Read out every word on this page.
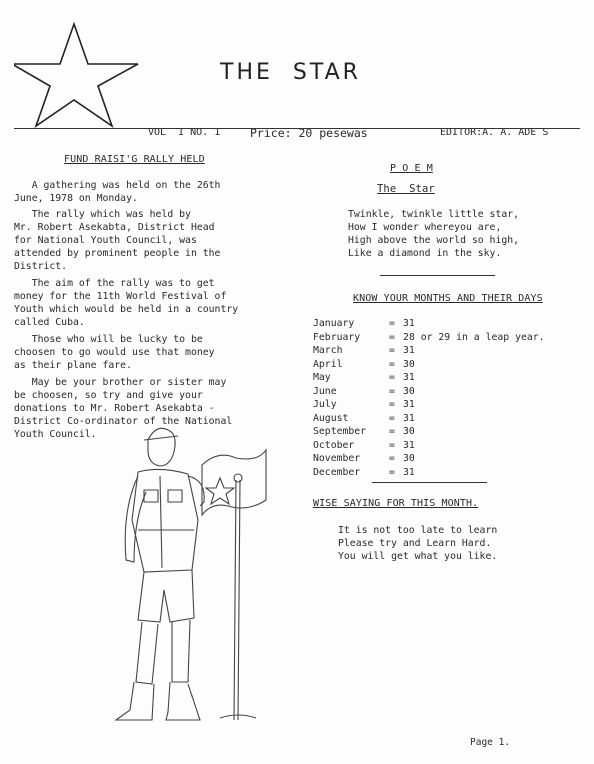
THE  STAR
VOL  I NO. 1	Price: 20 pesewas	EDITOR:A. A. ADE S
FUND RAISI'G RALLY HELD
A gathering was held on the 26th
June, 1978 on Monday.
The rally which was held by
Mr. Robert Asekabta, District Head
for National Youth Council, was
attended by prominent people in the
District.
The aim of the rally was to get
money for the 11th World Festival of
Youth which would be held in a country
called Cuba.
Those who will be lucky to be
choosen to go would use that money
as their plane fare.
May be your brother or sister may
be choosen, so try and give your
donations to Mr. Robert Asekabta -
District Co-ordinator of the National
Youth Council.
P O E M
The  Star
Twinkle, twinkle little star,
How I wonder whereyou are,
High above the world so high,
Like a diamond in the sky.
KNOW YOUR MONTHS AND THEIR DAYS
January	=	31
February	=	28 or 29 in a leap year.
March	=	31
April	=	30
May	=	31
June	=	30
July	=	31
August	=	31
September	=	30
October	=	31
November	=	30
December	=	31
WISE SAYING FOR THIS MONTH.
It is not too late to learn
Please try and Learn Hard.
You will get what you like.
Page 1.
